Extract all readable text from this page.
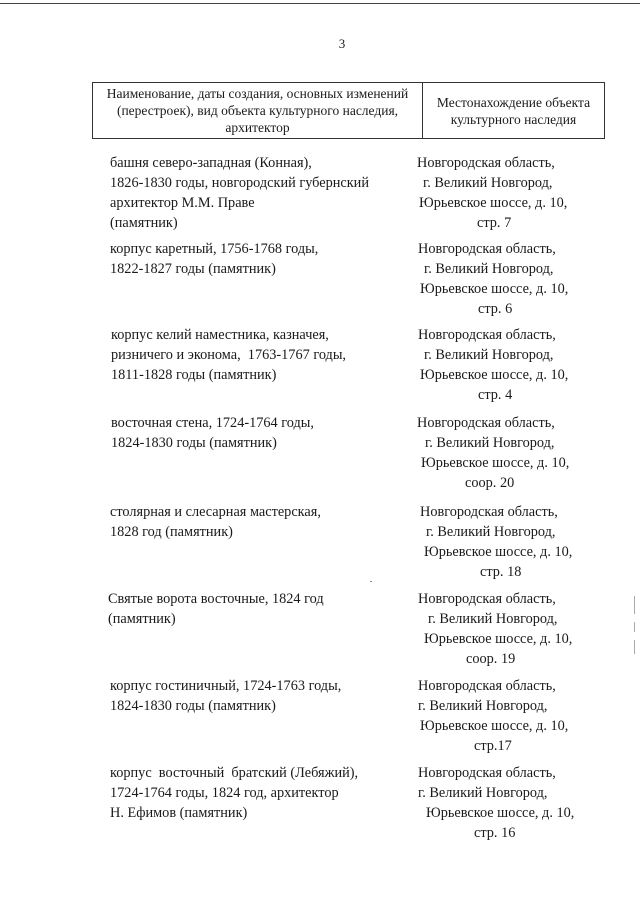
3
Наименование, даты создания, основных изменений (перестроек), вид объекта культурного наследия, архитектор
Местонахождение объекта культурного наследия

башня северо-западная (Конная),
1826-1830 годы, новгородский губернский
архитектор М.М. Праве
(памятник)
Новгородская область,
г. Великий Новгород,
Юрьевское шоссе, д. 10,
стр. 7
корпус каретный, 1756-1768 годы,
1822-1827 годы (памятник)
Новгородская область,
г. Великий Новгород,
Юрьевское шоссе, д. 10,
стр. 6
корпус келий наместника, казначея,
ризничего и эконома,  1763-1767 годы,
1811-1828 годы (памятник)
Новгородская область,
г. Великий Новгород,
Юрьевское шоссе, д. 10,
стр. 4
восточная стена, 1724-1764 годы,
1824-1830 годы (памятник)
Новгородская область,
г. Великий Новгород,
Юрьевское шоссе, д. 10,
соор. 20
столярная и слесарная мастерская,
1828 год (памятник)
Новгородская область,
г. Великий Новгород,
Юрьевское шоссе, д. 10,
стр. 18
Святые ворота восточные, 1824 год
(памятник)
Новгородская область,
г. Великий Новгород,
Юрьевское шоссе, д. 10,
соор. 19
корпус гостиничный, 1724-1763 годы,
1824-1830 годы (памятник)
Новгородская область,
г. Великий Новгород,
Юрьевское шоссе, д. 10,
стр.17
корпус  восточный  братский (Лебяжий),
1724-1764 годы, 1824 год, архитектор
Н. Ефимов (памятник)
Новгородская область,
г. Великий Новгород,
Юрьевское шоссе, д. 10,
стр. 16
